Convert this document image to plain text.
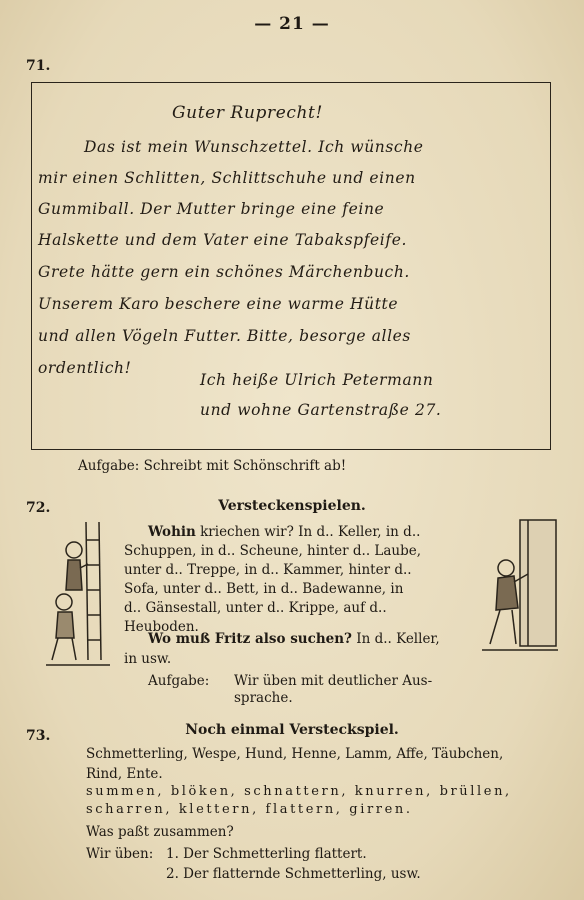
— 21 —
71.
Guter Ruprecht!
Das ist mein Wunschzettel. Ich wünsche
mir einen Schlitten, Schlittschuhe und einen
Gummiball. Der Mutter bringe eine feine
Halskette und dem Vater eine Tabakspfeife.
Grete hätte gern ein schönes Märchenbuch.
Unserem Karo beschere eine warme Hütte
und allen Vögeln Futter. Bitte, besorge alles
ordentlich!
Ich heiße Ulrich Petermann
und wohne Gartenstraße 27.
Aufgabe: Schreibt mit Schönschrift ab!
72.	Versteckenspielen.
Wohin kriechen wir? In d.. Keller, in d..
Schuppen, in d.. Scheune, hinter d.. Laube,
unter d.. Treppe, in d.. Kammer, hinter d..
Sofa, unter d.. Bett, in d.. Badewanne, in
d.. Gänsestall, unter d.. Krippe, auf d..
Heuboden.
Wo muß Fritz also suchen? In d.. Keller,
in usw.
Aufgabe: Wir üben mit deutlicher Aus-
sprache.
73.	Noch einmal Versteckspiel.
Schmetterling, Wespe, Hund, Henne, Lamm, Affe, Täubchen,
Rind, Ente.
summen, blöken, schnattern, knurren, brüllen,
scharren, klettern, flattern, girren.
Was paßt zusammen?
Wir üben: 1. Der Schmetterling flattert.
2. Der flatternde Schmetterling, usw.
